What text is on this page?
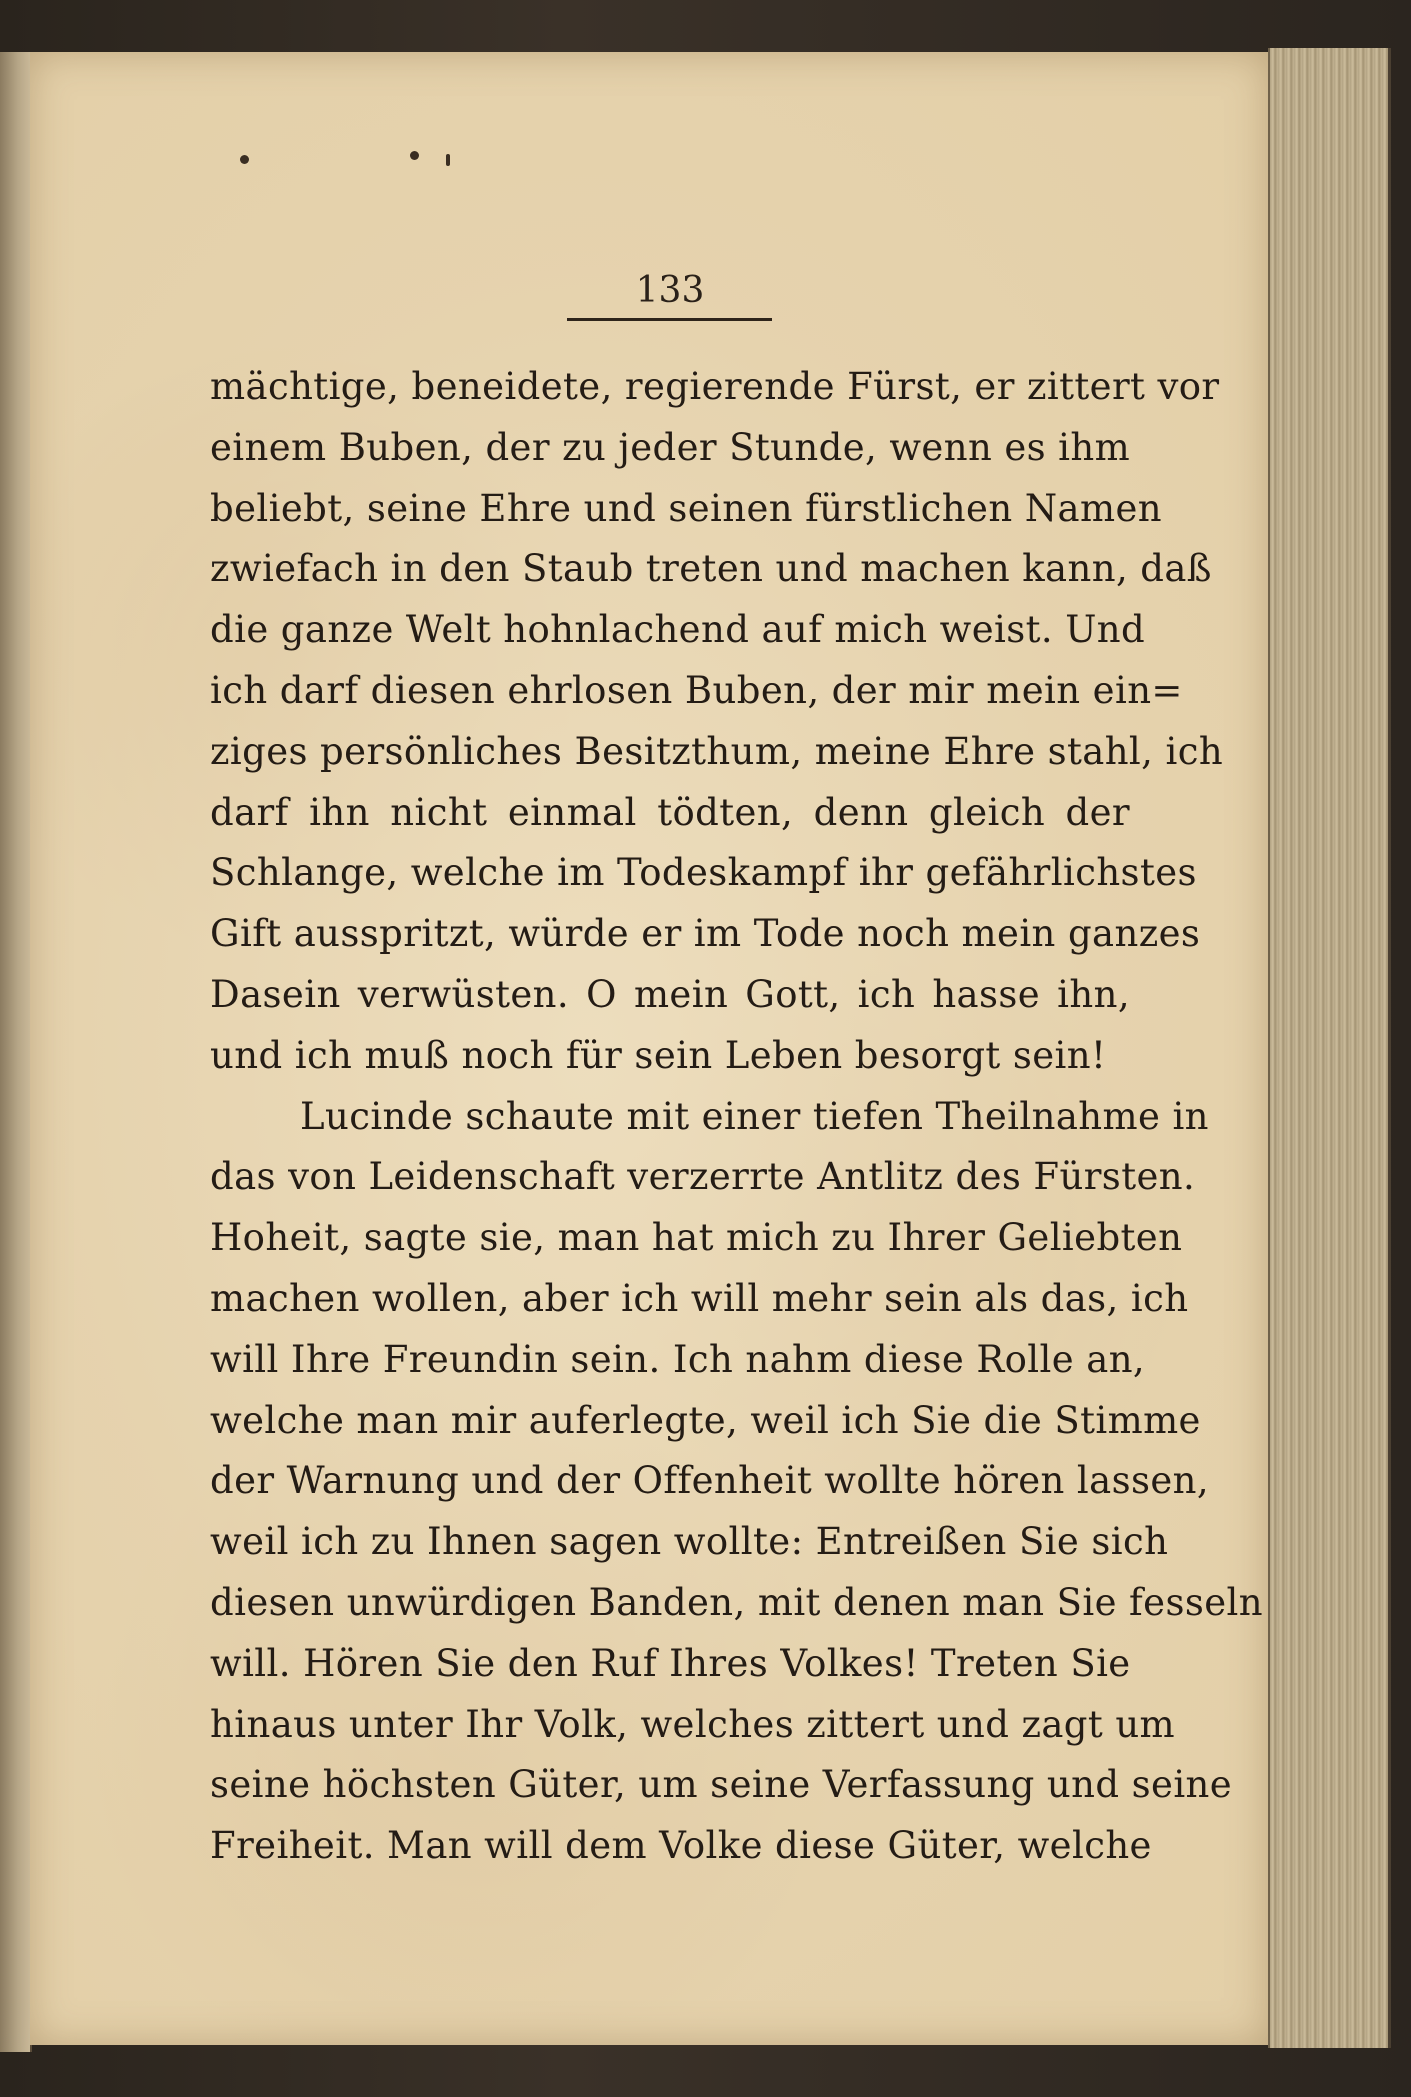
133
mächtige, beneidete, regierende Fürst, er zittert vor
einem Buben, der zu jeder Stunde, wenn es ihm
beliebt, seine Ehre und seinen fürstlichen Namen
zwiefach in den Staub treten und machen kann, daß
die ganze Welt hohnlachend auf mich weist. Und
ich darf diesen ehrlosen Buben, der mir mein ein=
ziges persönliches Besitzthum, meine Ehre stahl, ich
darf ihn nicht einmal tödten, denn gleich der
Schlange, welche im Todeskampf ihr gefährlichstes
Gift ausspritzt, würde er im Tode noch mein ganzes
Dasein verwüsten. O mein Gott, ich hasse ihn,
und ich muß noch für sein Leben besorgt sein!
Lucinde schaute mit einer tiefen Theilnahme in
das von Leidenschaft verzerrte Antlitz des Fürsten.
Hoheit, sagte sie, man hat mich zu Ihrer Geliebten
machen wollen, aber ich will mehr sein als das, ich
will Ihre Freundin sein. Ich nahm diese Rolle an,
welche man mir auferlegte, weil ich Sie die Stimme
der Warnung und der Offenheit wollte hören lassen,
weil ich zu Ihnen sagen wollte: Entreißen Sie sich
diesen unwürdigen Banden, mit denen man Sie fesseln
will. Hören Sie den Ruf Ihres Volkes! Treten Sie
hinaus unter Ihr Volk, welches zittert und zagt um
seine höchsten Güter, um seine Verfassung und seine
Freiheit. Man will dem Volke diese Güter, welche
